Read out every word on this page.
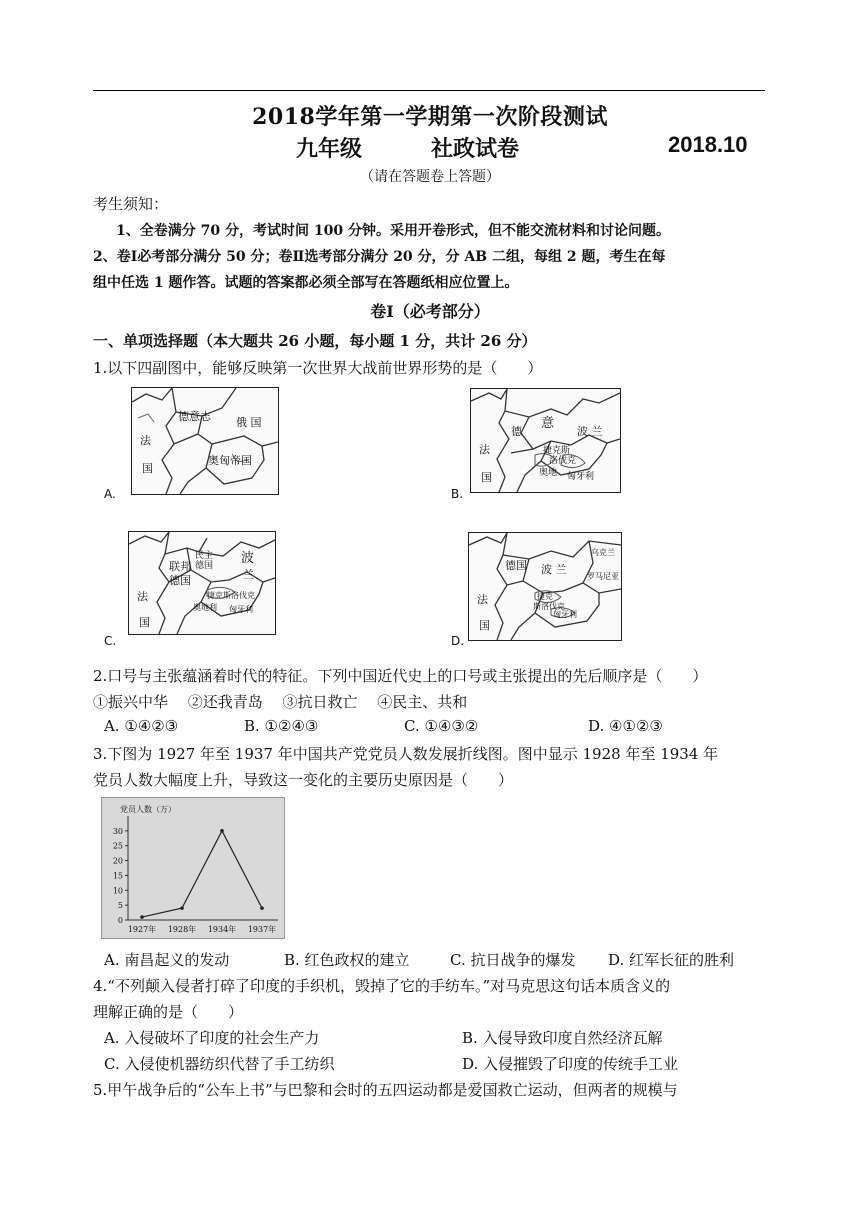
2018学年第一学期第一次阶段测试
九年级	社政试卷	2018.10
（请在答题卷上答题）
考生须知：
1、全卷满分 70 分，考试时间 100 分钟。采用开卷形式，但不能交流材料和讨论问题。
2、卷Ⅰ必考部分满分 50 分；卷Ⅱ选考部分满分 20 分，分 AB 二组，每组 2 题，考生在每
组中任选 1 题作答。试题的答案都必须全部写在答题纸相应位置上。
卷Ⅰ（必考部分）
一、单项选择题（本大题共 26 小题，每小题 1 分，共计 26 分）
1.以下四副图中，能够反映第一次世界大战前世界形势的是（　　）
德意志 俄 国
法
国
奥匈帝国
A.
德
意
波 兰
法
国
捷克斯
洛伐克
奥地 匈牙利
B.
民主
德国
联邦
德国
波
兰
法
国
捷克斯洛伐克
奥地利 匈牙利
C.
德国 波 兰
法
国
捷克
斯洛伐克
匈牙利
乌克兰
罗马尼亚
D.
2.口号与主张蕴涵着时代的特征。下列中国近代史上的口号或主张提出的先后顺序是（　　）
①振兴中华　 ②还我青岛　 ③抗日救亡　 ④民主、共和
A. ①④②③	B. ①②④③	C. ①④③②	D. ④①②③
3.下图为 1927 年至 1937 年中国共产党党员人数发展折线图。图中显示 1928 年至 1934 年
党员人数大幅度上升，导致这一变化的主要历史原因是（　　）
党员人数（万）
0
5
10
15
20
25
30
1927年 1928年 1934年 1937年
A. 南昌起义的发动	B. 红色政权的建立	C. 抗日战争的爆发 D. 红军长征的胜利
4.“不列颠入侵者打碎了印度的手织机，毁掉了它的手纺车。”对马克思这句话本质含义的
理解正确的是（　　）
A. 入侵破坏了印度的社会生产力	B. 入侵导致印度自然经济瓦解
C. 入侵使机器纺织代替了手工纺织	D. 入侵摧毁了印度的传统手工业
5.甲午战争后的“公车上书”与巴黎和会时的五四运动都是爱国救亡运动，但两者的规模与
